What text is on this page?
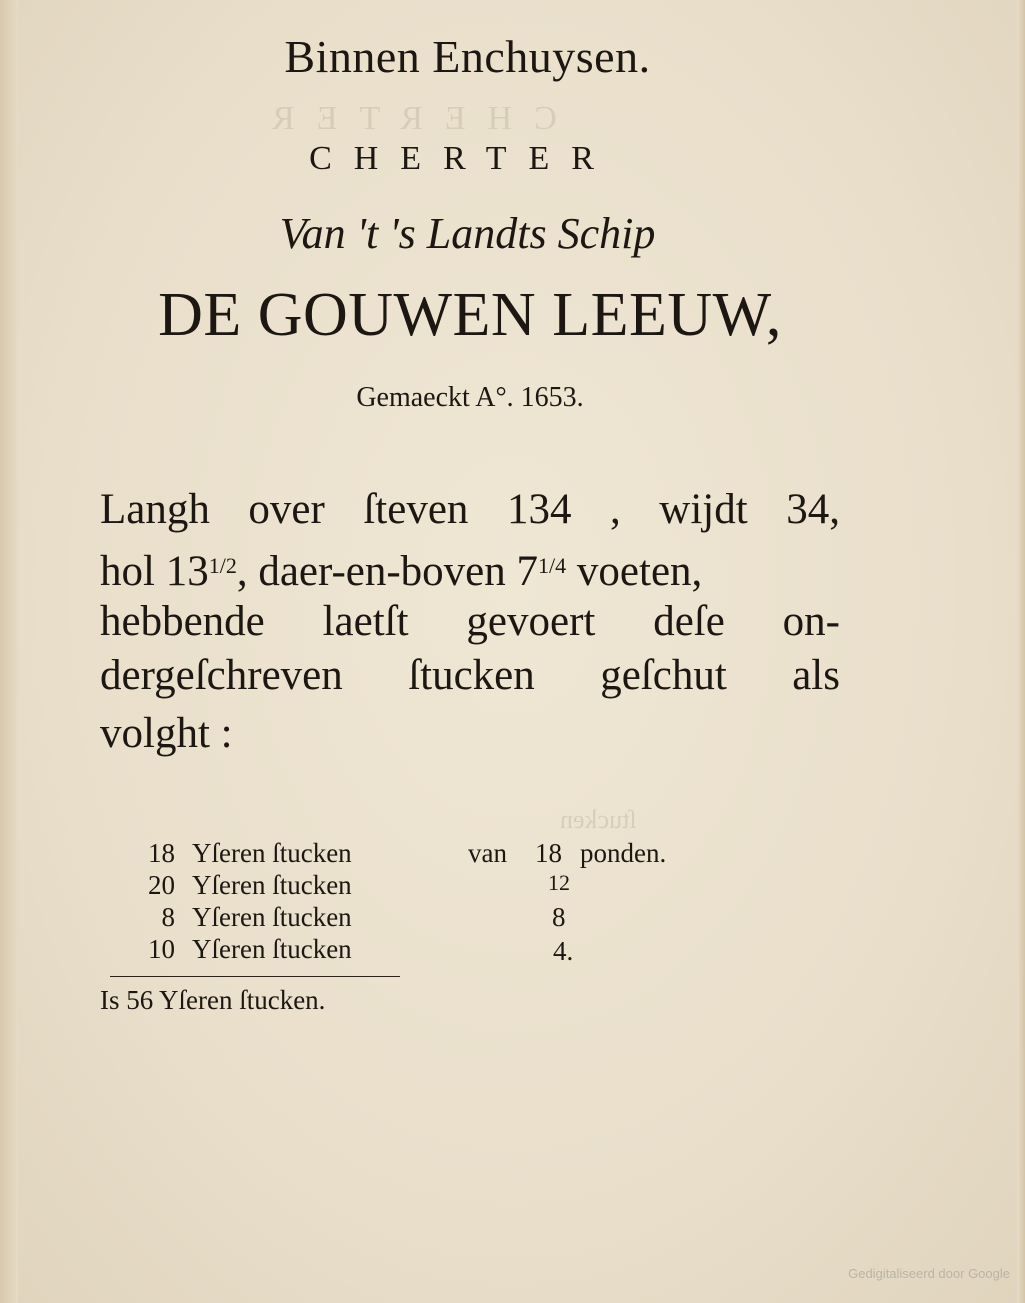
CHERTER
ſtucken
Binnen Enchuysen.
CHERTER
Van 't 's Landts Schip
DE GOUWEN LEEUW,
Gemaeckt A°. 1653.
Langh over ſteven 134 , wijdt 34,
hol $13^{1/2}$, daer-en-boven $7^{1/4}$ voeten,
hebbende laetſt gevoert deſe on-
dergeſchreven ſtucken geſchut als
volght :
18 Yſeren ſtucken	van 18 ponden.
20 Yſeren ſtucken	12
8 Yſeren ſtucken	8
10 Yſeren ſtucken	4.
Is 56 Yſeren ſtucken.
Gedigitaliseerd door Google
